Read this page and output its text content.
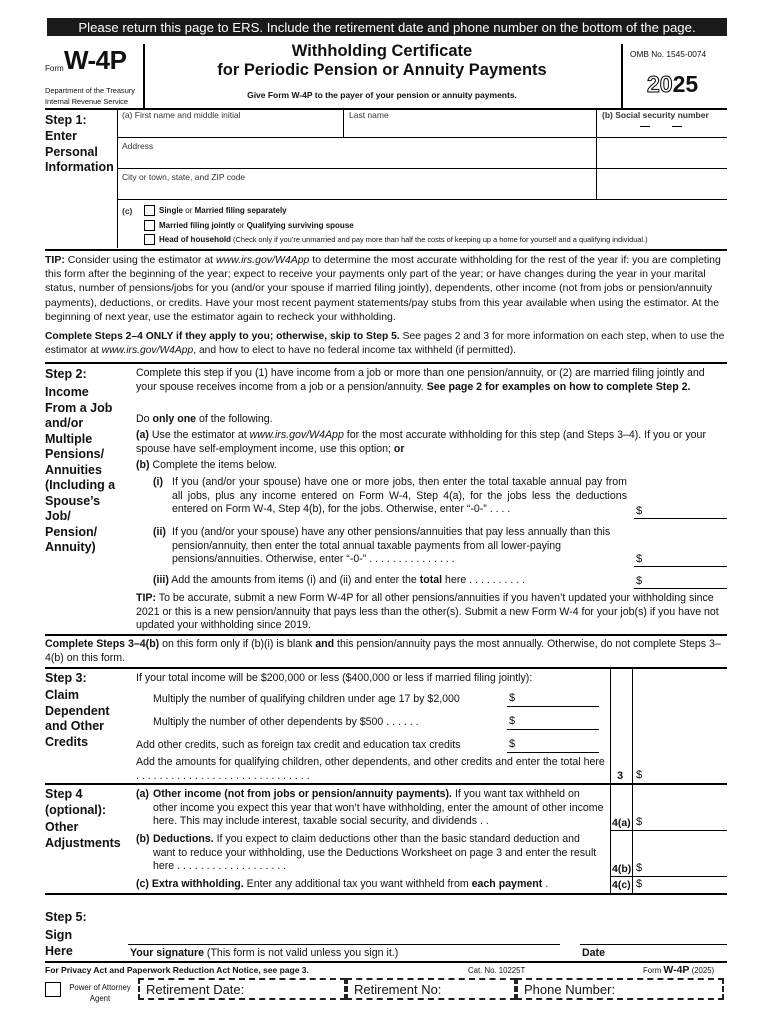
Please return this page to ERS. Include the retirement date and phone number on the bottom of the page.
Form W-4P
Department of the Treasury
Internal Revenue Service
Withholding Certificate
for Periodic Pension or Annuity Payments
Give Form W-4P to the payer of your pension or annuity payments.
OMB No. 1545-0074
2025
Step 1:
Enter Personal Information
(a) First name and middle initial	Last name	(b) Social security number
Address
City or town, state, and ZIP code
(c)	Single or Married filing separately
Married filing jointly or Qualifying surviving spouse
Head of household (Check only if you’re unmarried and pay more than half the costs of keeping up a home for yourself and a qualifying individual.)
TIP: Consider using the estimator at www.irs.gov/W4App to determine the most accurate withholding for the rest of the year if: you are completing this form after the beginning of the year; expect to receive your payments only part of the year; or have changes during the year in your marital status, number of pensions/jobs for you (and/or your spouse if married filing jointly), dependents, other income (not from jobs or pension/annuity payments), deductions, or credits. Have your most recent payment statements/pay stubs from this year available when using the estimator. At the beginning of next year, use the estimator again to recheck your withholding.
Complete Steps 2–4 ONLY if they apply to you; otherwise, skip to Step 5. See pages 2 and 3 for more information on each step, when to use the estimator at www.irs.gov/W4App, and how to elect to have no federal income tax withheld (if permitted).
Step 2:
Income
From a Job
and/or
Multiple
Pensions/
Annuities
(Including a
Spouse’s
Job/
Pension/
Annuity)
Complete this step if you (1) have income from a job or more than one pension/annuity, or (2) are married filing jointly and your spouse receives income from a job or a pension/annuity. See page 2 for examples on how to complete Step 2.
Do only one of the following.
(a) Use the estimator at www.irs.gov/W4App for the most accurate withholding for this step (and Steps 3–4). If you or your spouse have self-employment income, use this option; or
(b) Complete the items below.
(i) If you (and/or your spouse) have one or more jobs, then enter the total taxable annual pay from all jobs, plus any income entered on Form W-4, Step 4(a), for the jobs less the deductions entered on Form W-4, Step 4(b), for the jobs. Otherwise, enter “-0-” . . . .	$
(ii) If you (and/or your spouse) have any other pensions/annuities that pay less annually than this pension/annuity, then enter the total annual taxable payments from all lower-paying pensions/annuities. Otherwise, enter “-0-” . . . . . . . . . . . . . . .	$
(iii) Add the amounts from items (i) and (ii) and enter the total here . . . . . . . . . .	$
TIP: To be accurate, submit a new Form W-4P for all other pensions/annuities if you haven’t updated your withholding since 2021 or this is a new pension/annuity that pays less than the other(s). Submit a new Form W-4 for your job(s) if you have not updated your withholding since 2019.
Complete Steps 3–4(b) on this form only if (b)(i) is blank and this pension/annuity pays the most annually. Otherwise, do not complete Steps 3–4(b) on this form.
Step 3:
Claim
Dependent
and Other
Credits
If your total income will be $200,000 or less ($400,000 or less if married filing jointly):
Multiply the number of qualifying children under age 17 by $2,000	$
Multiply the number of other dependents by $500 . . . . . .	$
Add other credits, such as foreign tax credit and education tax credits	$
Add the amounts for qualifying children, other dependents, and other credits and enter the total here . . . . . . . . . . . . . . . . . . . . . . . . . . . . . .	3 $
Step 4
(optional):
Other
Adjustments
(a) Other income (not from jobs or pension/annuity payments). If you want tax withheld on other income you expect this year that won’t have withholding, enter the amount of other income here. This may include interest, taxable social security, and dividends . .	4(a) $
(b) Deductions. If you expect to claim deductions other than the basic standard deduction and want to reduce your withholding, use the Deductions Worksheet on page 3 and enter the result here . . . . . . . . . . . . . . . . . . .	4(b) $
(c) Extra withholding. Enter any additional tax you want withheld from each payment .	4(c) $
Step 5:
Sign
Here	Your signature (This form is not valid unless you sign it.)	Date
For Privacy Act and Paperwork Reduction Act Notice, see page 3.	Cat. No. 10225T	Form W-4P (2025)
Power of Attorney Agent
Retirement Date:	Retirement No:	Phone Number:
